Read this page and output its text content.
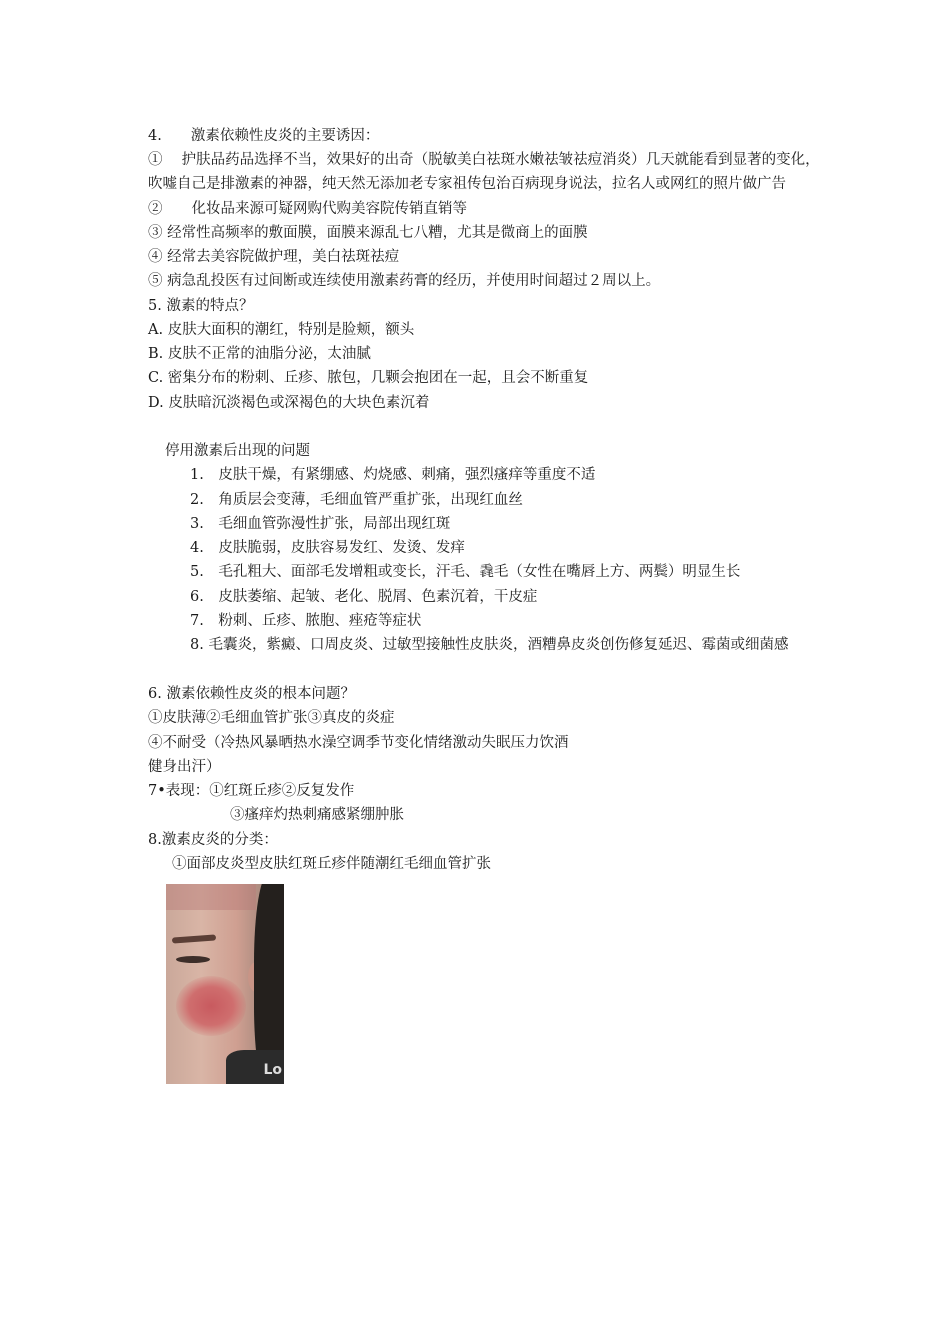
4.　　激素依赖性皮炎的主要诱因：
①　 护肤品药品选择不当，效果好的出奇（脱敏美白祛斑水嫩祛皱祛痘消炎）几天就能看到显著的变化，
吹嘘自己是排激素的神器，纯天然无添加老专家祖传包治百病现身说法，拉名人或网红的照片做广告
②　　化妆品来源可疑网购代购美容院传销直销等
③ 经常性高频率的敷面膜，面膜来源乱七八糟，尤其是微商上的面膜
④ 经常去美容院做护理，美白祛斑祛痘
⑤ 病急乱投医有过间断或连续使用激素药膏的经历，并使用时间超过２周以上。
5. 激素的特点？
A. 皮肤大面积的潮红，特别是脸颊，额头
B. 皮肤不正常的油脂分泌，太油腻
C. 密集分布的粉刺、丘疹、脓包，几颗会抱团在一起，且会不断重复
D. 皮肤暗沉淡褐色或深褐色的大块色素沉着
停用激素后出现的问题
1.　皮肤干燥，有紧绷感、灼烧感、刺痛，强烈瘙痒等重度不适
2.　角质层会变薄，毛细血管严重扩张，出现红血丝
3.　毛细血管弥漫性扩张，局部出现红斑
4.　皮肤脆弱，皮肤容易发红、发烫、发痒
5.　毛孔粗大、面部毛发增粗或变长，汗毛、毳毛（女性在嘴唇上方、两鬓）明显生长
6.　皮肤萎缩、起皱、老化、脱屑、色素沉着，干皮症
7.　粉刺、丘疹、脓胞、痤疮等症状
8. 毛囊炎，紫癜、口周皮炎、过敏型接触性皮肤炎，酒糟鼻皮炎创伤修复延迟、霉菌或细菌感
6. 激素依赖性皮炎的根本问题？
①皮肤薄②毛细血管扩张③真皮的炎症
④不耐受（冷热风暴晒热水澡空调季节变化情绪激动失眠压力饮酒
健身出汗）
7•表现：①红斑丘疹②反复发作
③瘙痒灼热刺痛感紧绷肿胀
8.激素皮炎的分类：
①面部皮炎型皮肤红斑丘疹伴随潮红毛细血管扩张
Lo
